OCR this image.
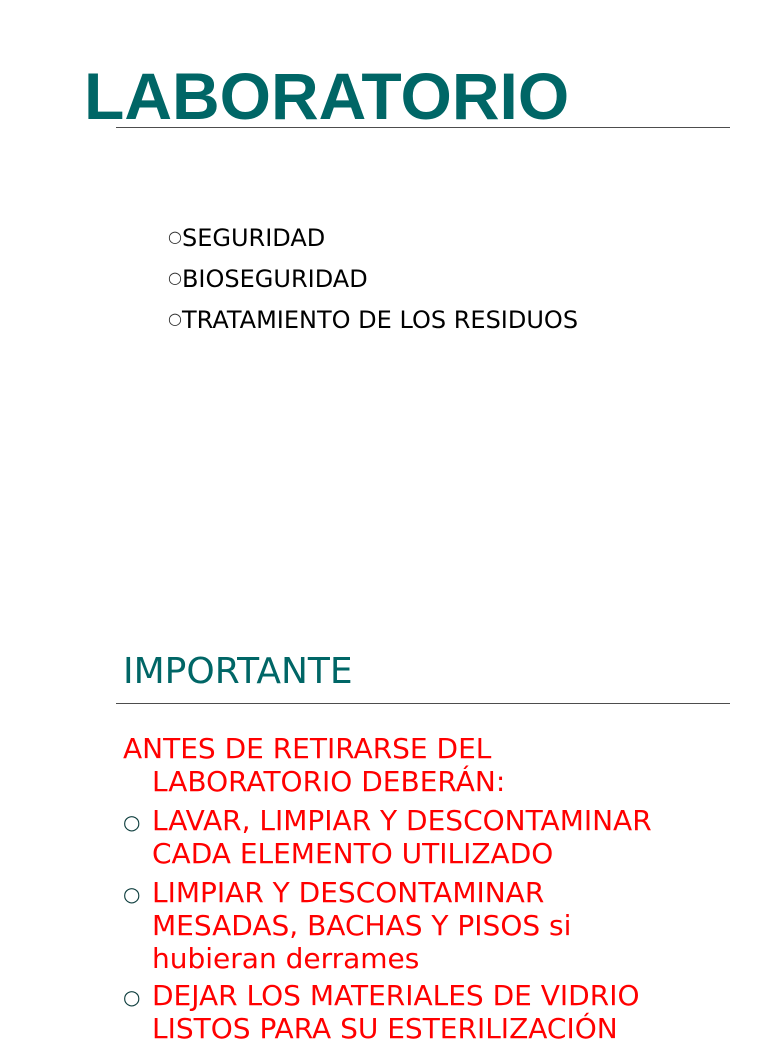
LABORATORIO
○SEGURIDAD
○BIOSEGURIDAD
○TRATAMIENTO DE LOS RESIDUOS
IMPORTANTE

ANTES DE RETIRARSE DEL
LABORATORIO DEBERÁN:

○ LAVAR, LIMPIAR Y DESCONTAMINAR
CADA ELEMENTO UTILIZADO
○ LIMPIAR Y DESCONTAMINAR
MESADAS, BACHAS Y PISOS si
hubieran derrames
○ DEJAR LOS MATERIALES DE VIDRIO
LISTOS PARA SU ESTERILIZACIÓN
